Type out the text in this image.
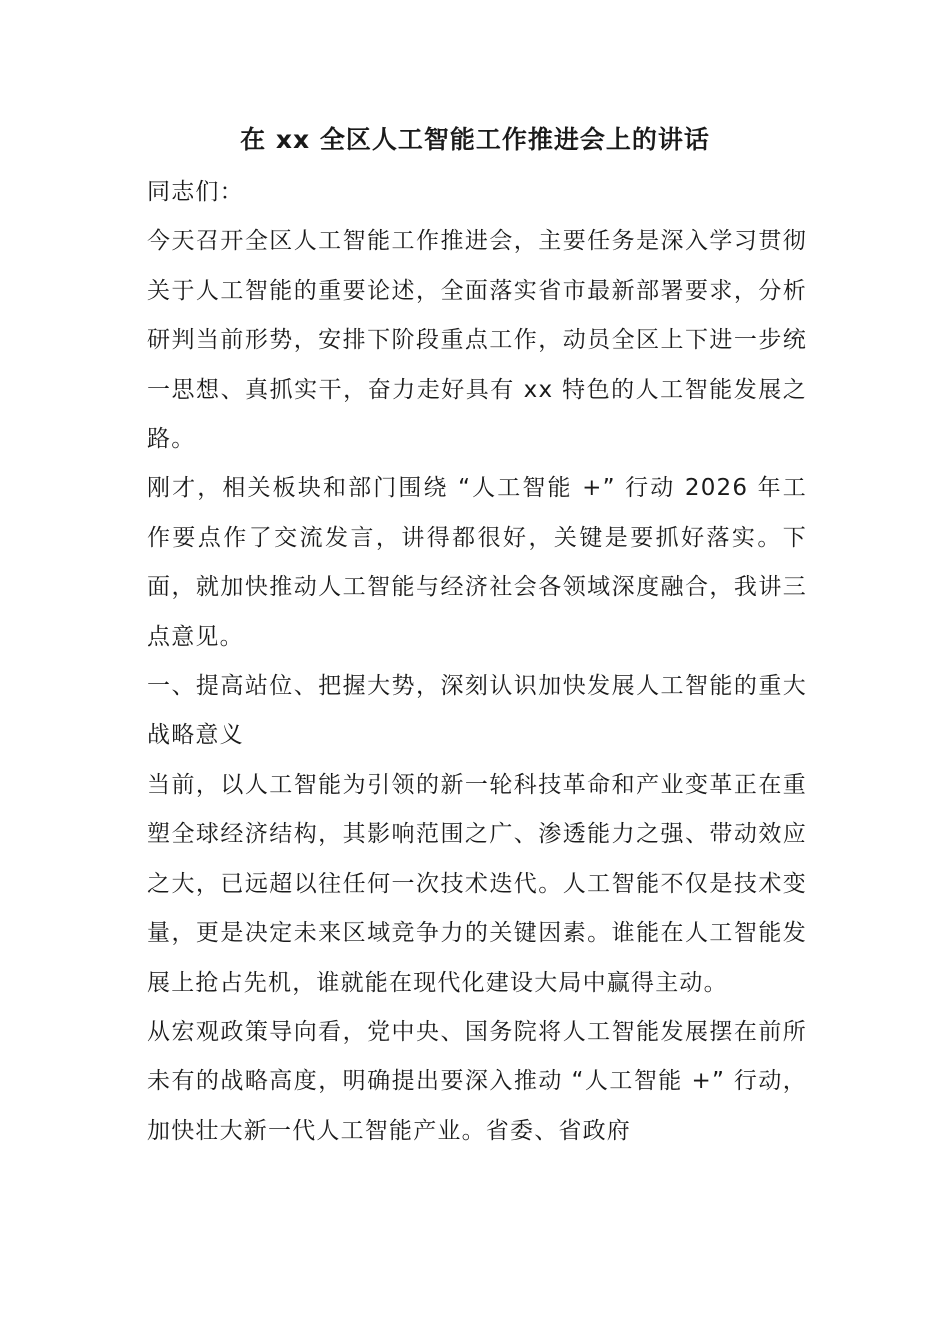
在 xx 全区人工智能工作推进会上的讲话

同志们：

今天召开全区人工智能工作推进会，主要任务是深入学习贯彻关于人工智能的重要论述，全面落实省市最新部署要求，分析研判当前形势，安排下阶段重点工作，动员全区上下进一步统一思想、真抓实干，奋力走好具有 xx 特色的人工智能发展之路。

刚才，相关板块和部门围绕 “人工智能 +” 行动 2026 年工作要点作了交流发言，讲得都很好，关键是要抓好落实。下面，就加快推动人工智能与经济社会各领域深度融合，我讲三点意见。

一、提高站位、把握大势，深刻认识加快发展人工智能的重大战略意义

当前，以人工智能为引领的新一轮科技革命和产业变革正在重塑全球经济结构，其影响范围之广、渗透能力之强、带动效应之大，已远超以往任何一次技术迭代。人工智能不仅是技术变量，更是决定未来区域竞争力的关键因素。谁能在人工智能发展上抢占先机，谁就能在现代化建设大局中赢得主动。

从宏观政策导向看，党中央、国务院将人工智能发展摆在前所未有的战略高度，明确提出要深入推动 “人工智能 +” 行动，加快壮大新一代人工智能产业。省委、省政府
